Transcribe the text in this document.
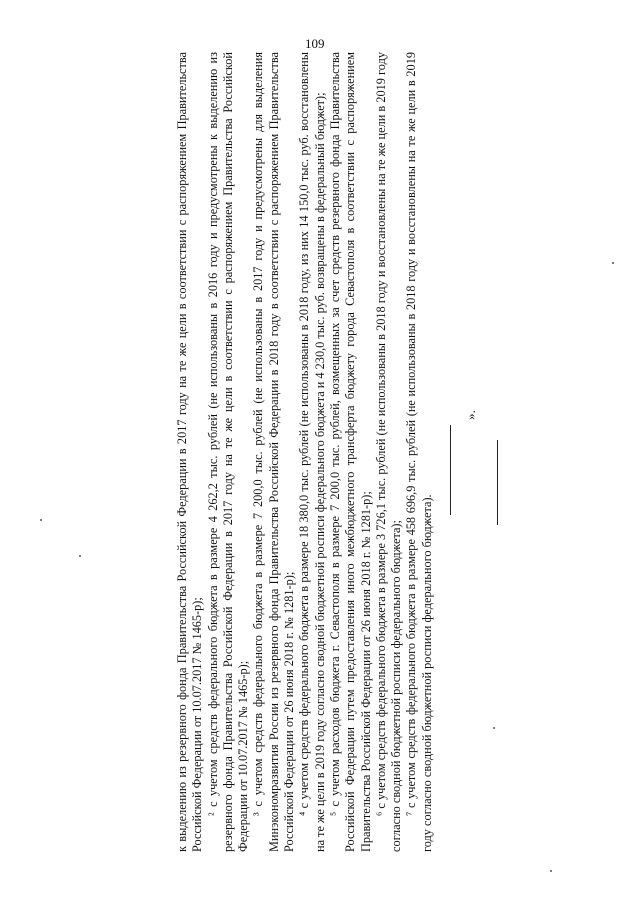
109

к выделению из резервного фонда Правительства Российской Федерации в 2017 году на те же цели в соответствии с распоряжением Правительства Российской Федерации от 10.07.2017 № 1465-р); ² с учетом средств федерального бюджета в размере 4 262,2 тыс. рублей (не использованы в 2016 году и предусмотрены к выделению из резервного фонда Правительства Российской Федерации в 2017 году на те же цели в соответствии с распоряжением Правительства Российской Федерации от 10.07.2017 № 1465-р); ³ с учетом средств федерального бюджета в размере 7 200,0 тыс. рублей (не использованы в 2017 году и предусмотрены для выделения Минэкономразвития России из резервного фонда Правительства Российской Федерации в 2018 году в соответствии с распоряжением Правительства Российской Федерации от 26 июня 2018 г. № 1281-р); ⁴ с учетом средств федерального бюджета в размере 18 380,0 тыс. рублей (не использованы в 2018 году, из них 14 150,0 тыс. руб. восстановлены на те же цели в 2019 году согласно сводной бюджетной росписи федерального бюджета и 4 230,0 тыс. руб. возвращены в федеральный бюджет); ⁵ с учетом расходов бюджета г. Севастополя в размере 7 200,0 тыс. рублей, возмещенных за счет средств резервного фонда Правительства Российской Федерации путем предоставления иного межбюджетного трансферта бюджету города Севастополя в соответствии с распоряжением Правительства Российской Федерации от 26 июня 2018 г. № 1281-р); ⁶ с учетом средств федерального бюджета в размере 3 726,1 тыс. рублей (не использованы в 2018 году и восстановлены на те же цели в 2019 году согласно сводной бюджетной росписи федерального бюджета); ⁷ с учетом средств федерального бюджета в размере 458 696,9 тыс. рублей (не использованы в 2018 году и восстановлены на те же цели в 2019 году согласно сводной бюджетной росписи федерального бюджета).

».
